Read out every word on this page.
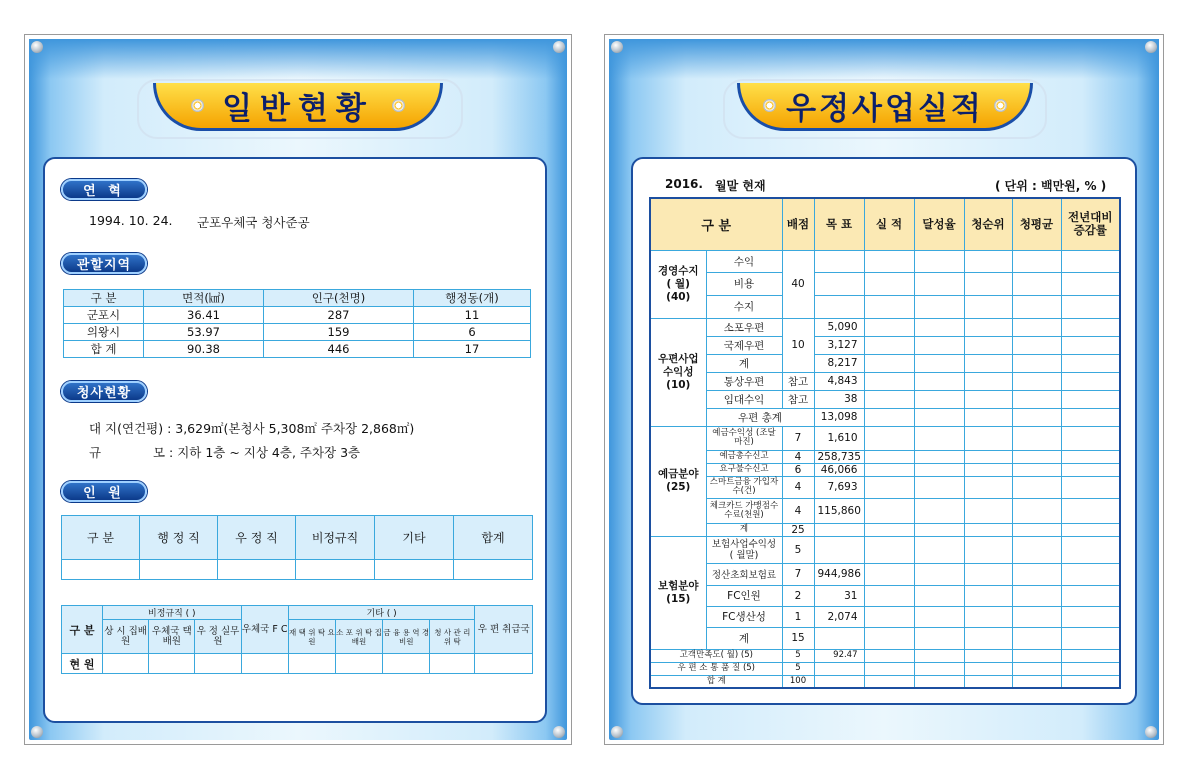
일반현황
연 혁
1994. 10. 24. 군포우체국 청사준공
관할지역
구 분	면적(㎢)	인구(천명)	행정동(개)
군포시	36.41	287	11
의왕시	53.97	159	6
합 계	90.38	446	17
청사현황
대 지(연건평) : 3,629㎡(본청사 5,308㎡ 주차장 2,868㎡)
규	모 : 지하 1층 ~ 지상 4층, 주차장 3층
인 원
구 분	행 정 직	우 정 직	비정규직	기타	합계

구 분	비정규직 ( )			우체국 F C	기타 ( )				우 편 취급국
	상 시 집배원	우체국 택배원	우 정 실무원		재 택 위 탁 요 원	소 포 위 탁 집배원	금 융 용 역 경비원	청 사 관 리 위 탁	
현 원									
우정사업실적
2016. 월말 현재	( 단위 : 백만원, % )
구 분		배점	목 표	실 적	달성율	청순위	청평균	전년대비 증감률
경영수지 ( 월) (40)	수익	40						
	비용							
	수지							
우편사업 수익성 (10)	소포우편	10	5,090					
	국제우편		3,127					
	계		8,217					
	통상우편	참고	4,843					
	임대수익	참고	38					
	우편 총계		13,098					
예금분야 (25)	예금수익성 (조달마진)	7	1,610					
	예금총수신고	4	258,735					
	요구불수신고	6	46,066					
	스마트금융 가입자수(건)	4	7,693					
	체크카드 가맹점수수료(천원)	4	115,860					
	계	25						
보험분야 (15)	보험사업수익성 ( 월말)	5						
	정산초회보험료	7	944,986					
	FC인원	2	31					
	FC생산성	1	2,074					
	계	15						
고객만족도( 월) (5)		5	92.47					
우 편 소 통 품 질 (5)		5						
합 계		100						
